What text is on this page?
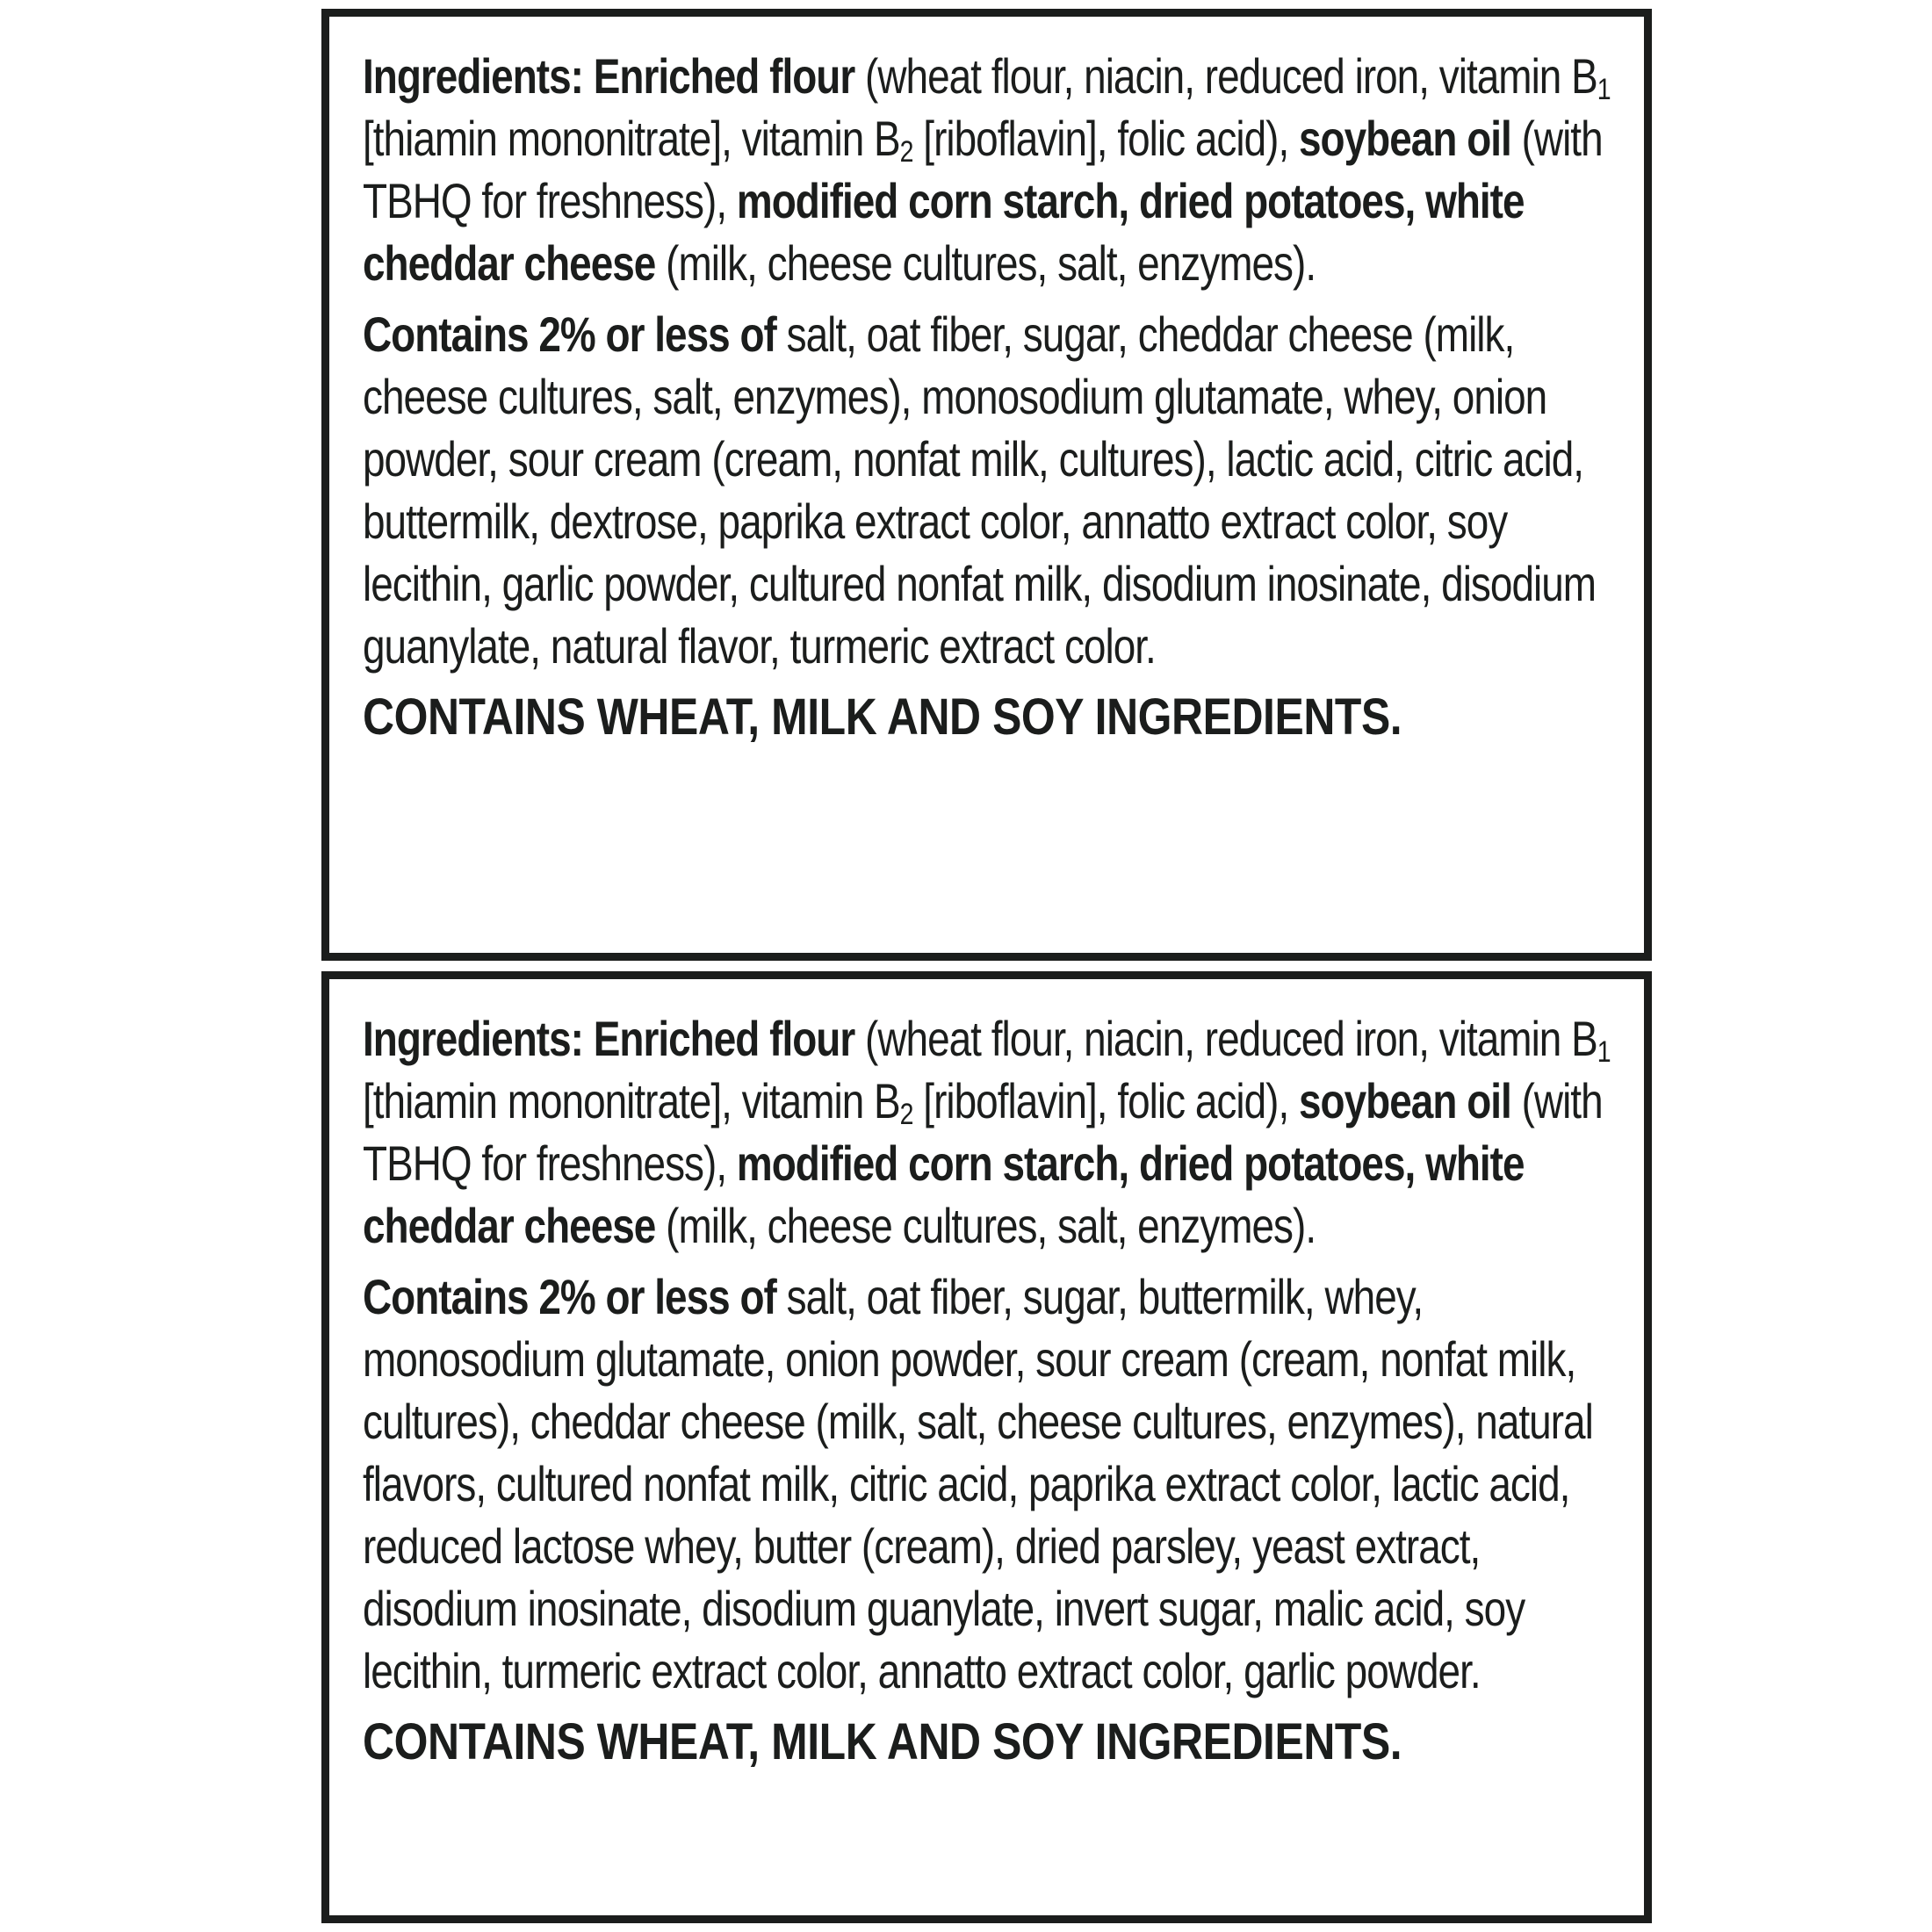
Ingredients: Enriched flour (wheat flour, niacin, reduced iron, vitamin $B_1$ [thiamin mononitrate], vitamin $B_2$ [riboflavin], folic acid), soybean oil (with TBHQ for freshness), modified corn starch, dried potatoes, white cheddar cheese (milk, cheese cultures, salt, enzymes).

Contains 2% or less of salt, oat fiber, sugar, cheddar cheese (milk, cheese cultures, salt, enzymes), monosodium glutamate, whey, onion powder, sour cream (cream, nonfat milk, cultures), lactic acid, citric acid, buttermilk, dextrose, paprika extract color, annatto extract color, soy lecithin, garlic powder, cultured nonfat milk, disodium inosinate, disodium guanylate, natural flavor, turmeric extract color.

CONTAINS WHEAT, MILK AND SOY INGREDIENTS.

Ingredients: Enriched flour (wheat flour, niacin, reduced iron, vitamin $B_1$ [thiamin mononitrate], vitamin $B_2$ [riboflavin], folic acid), soybean oil (with TBHQ for freshness), modified corn starch, dried potatoes, white cheddar cheese (milk, cheese cultures, salt, enzymes).

Contains 2% or less of salt, oat fiber, sugar, buttermilk, whey, monosodium glutamate, onion powder, sour cream (cream, nonfat milk, cultures), cheddar cheese (milk, salt, cheese cultures, enzymes), natural flavors, cultured nonfat milk, citric acid, paprika extract color, lactic acid, reduced lactose whey, butter (cream), dried parsley, yeast extract, disodium inosinate, disodium guanylate, invert sugar, malic acid, soy lecithin, turmeric extract color, annatto extract color, garlic powder.

CONTAINS WHEAT, MILK AND SOY INGREDIENTS.
